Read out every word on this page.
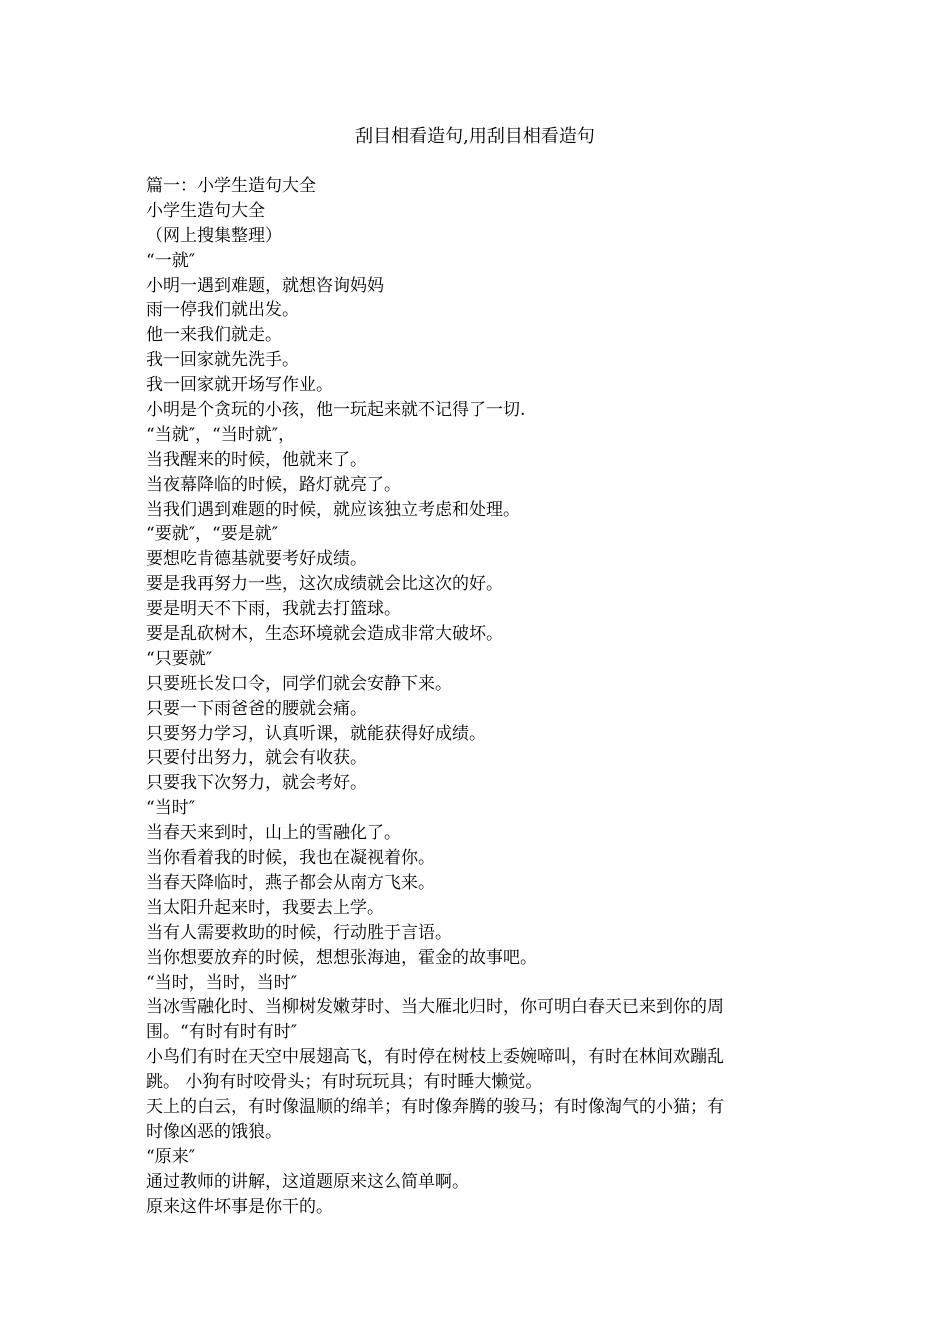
刮目相看造句,用刮目相看造句
篇一：小学生造句大全
小学生造句大全
（网上搜集整理）
“一就″
小明一遇到难题，就想咨询妈妈
雨一停我们就出发。
他一来我们就走。
我一回家就先洗手。
我一回家就开场写作业。
小明是个贪玩的小孩，他一玩起来就不记得了一切.
“当就″，“当时就″，
当我醒来的时候，他就来了。
当夜幕降临的时候，路灯就亮了。
当我们遇到难题的时候，就应该独立考虑和处理。
“要就″，“要是就″
要想吃肯德基就要考好成绩。
要是我再努力一些，这次成绩就会比这次的好。
要是明天不下雨，我就去打篮球。
要是乱砍树木，生态环境就会造成非常大破坏。
“只要就″
只要班长发口令，同学们就会安静下来。
只要一下雨爸爸的腰就会痛。
只要努力学习，认真听课，就能获得好成绩。
只要付出努力，就会有收获。
只要我下次努力，就会考好。
“当时″
当春天来到时，山上的雪融化了。
当你看着我的时候，我也在凝视着你。
当春天降临时，燕子都会从南方飞来。
当太阳升起来时，我要去上学。
当有人需要救助的时候，行动胜于言语。
当你想要放弃的时候，想想张海迪，霍金的故事吧。
“当时，当时，当时″
当冰雪融化时、当柳树发嫩芽时、当大雁北归时，你可明白春天已来到你的周
围。“有时有时有时″
小鸟们有时在天空中展翅高飞，有时停在树枝上委婉啼叫，有时在林间欢蹦乱
跳。 小狗有时咬骨头；有时玩玩具；有时睡大懒觉。
天上的白云，有时像温顺的绵羊；有时像奔腾的骏马；有时像淘气的小猫；有
时像凶恶的饿狼。
“原来″
通过教师的讲解，这道题原来这么简单啊。
原来这件坏事是你干的。
